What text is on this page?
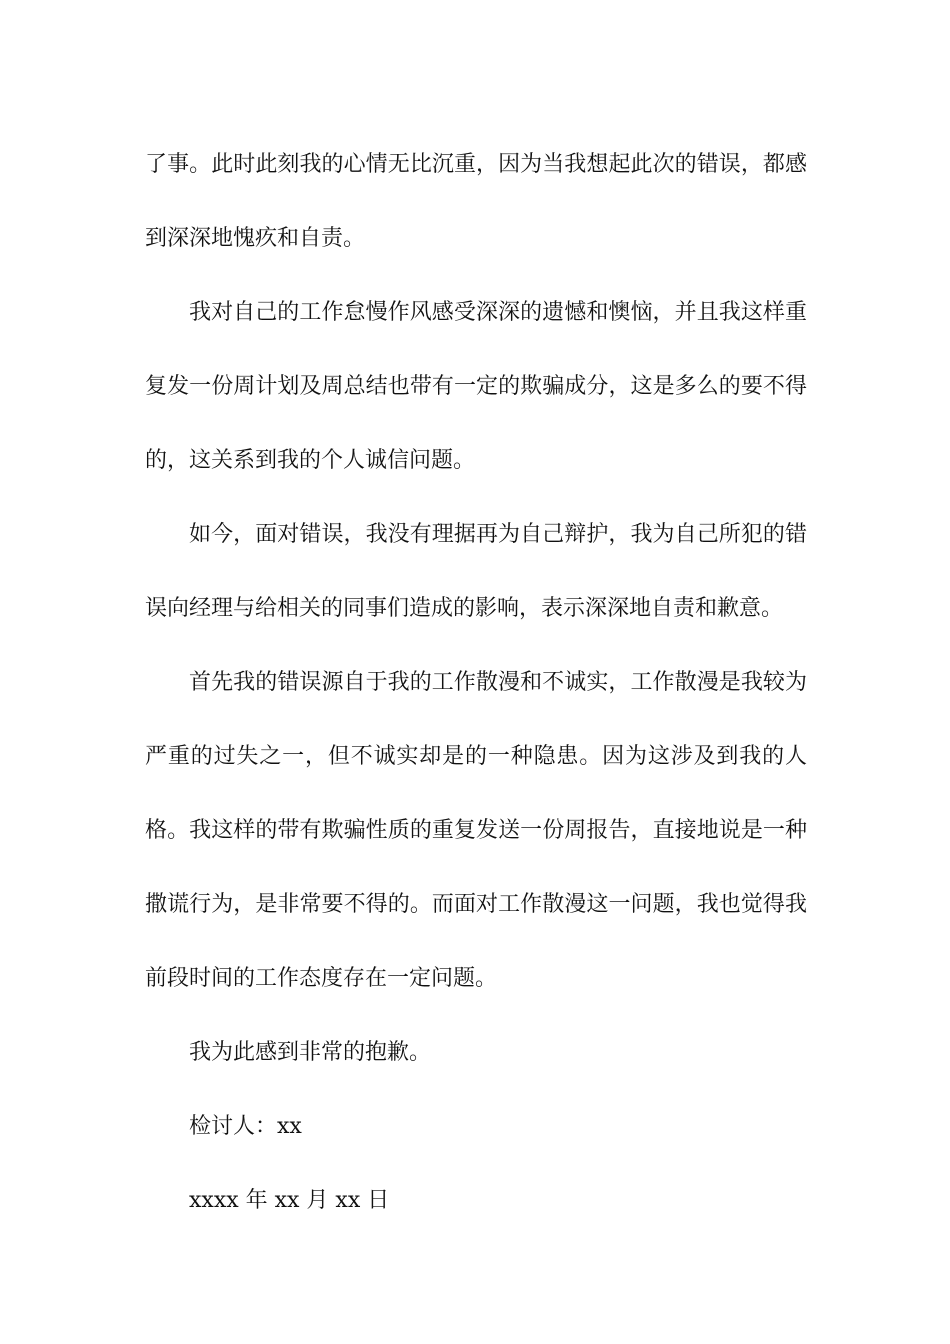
了事。此时此刻我的心情无比沉重，因为当我想起此次的错误，都感到深深地愧疚和自责。

我对自己的工作怠慢作风感受深深的遗憾和懊恼，并且我这样重复发一份周计划及周总结也带有一定的欺骗成分，这是多么的要不得的，这关系到我的个人诚信问题。

如今，面对错误，我没有理据再为自己辩护，我为自己所犯的错误向经理与给相关的同事们造成的影响，表示深深地自责和歉意。

首先我的错误源自于我的工作散漫和不诚实，工作散漫是我较为严重的过失之一，但不诚实却是的一种隐患。因为这涉及到我的人格。我这样的带有欺骗性质的重复发送一份周报告，直接地说是一种撒谎行为，是非常要不得的。而面对工作散漫这一问题，我也觉得我前段时间的工作态度存在一定问题。

我为此感到非常的抱歉。

检讨人：xx

xxxx 年 xx 月 xx 日
